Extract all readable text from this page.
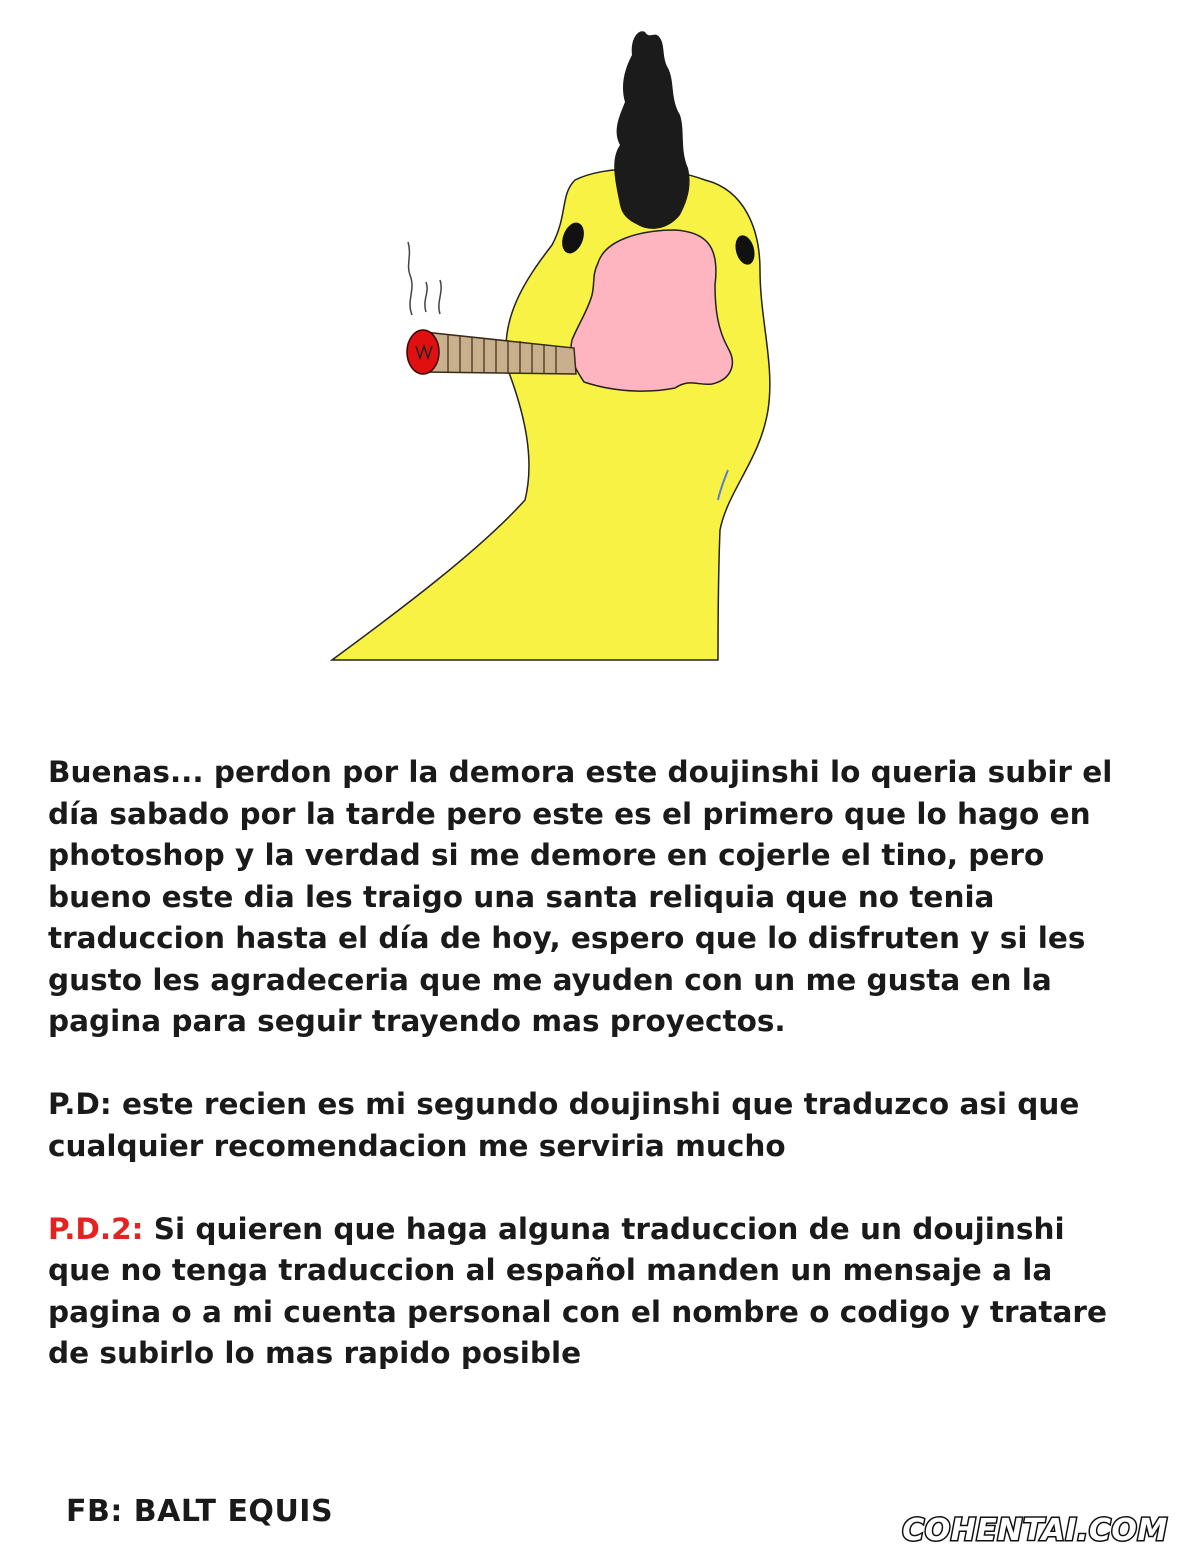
Buenas... perdon por la demora este doujinshi lo queria subir el día sabado por la tarde pero este es el primero que lo hago en photoshop y la verdad si me demore en cojerle el tino, pero bueno este dia les traigo una santa reliquia que no tenia traduccion hasta el día de hoy, espero que lo disfruten y si les gusto les agradeceria que me ayuden con un me gusta en la pagina para seguir trayendo mas proyectos.

P.D: este recien es mi segundo doujinshi que traduzco asi que cualquier recomendacion me serviria mucho

P.D.2: Si quieren que haga alguna traduccion de un doujinshi que no tenga traduccion al español manden un mensaje a la pagina o a mi cuenta personal con el nombre o codigo y tratare de subirlo lo mas rapido posible

FB: BALT EQUIS
COHENTAI.COM
